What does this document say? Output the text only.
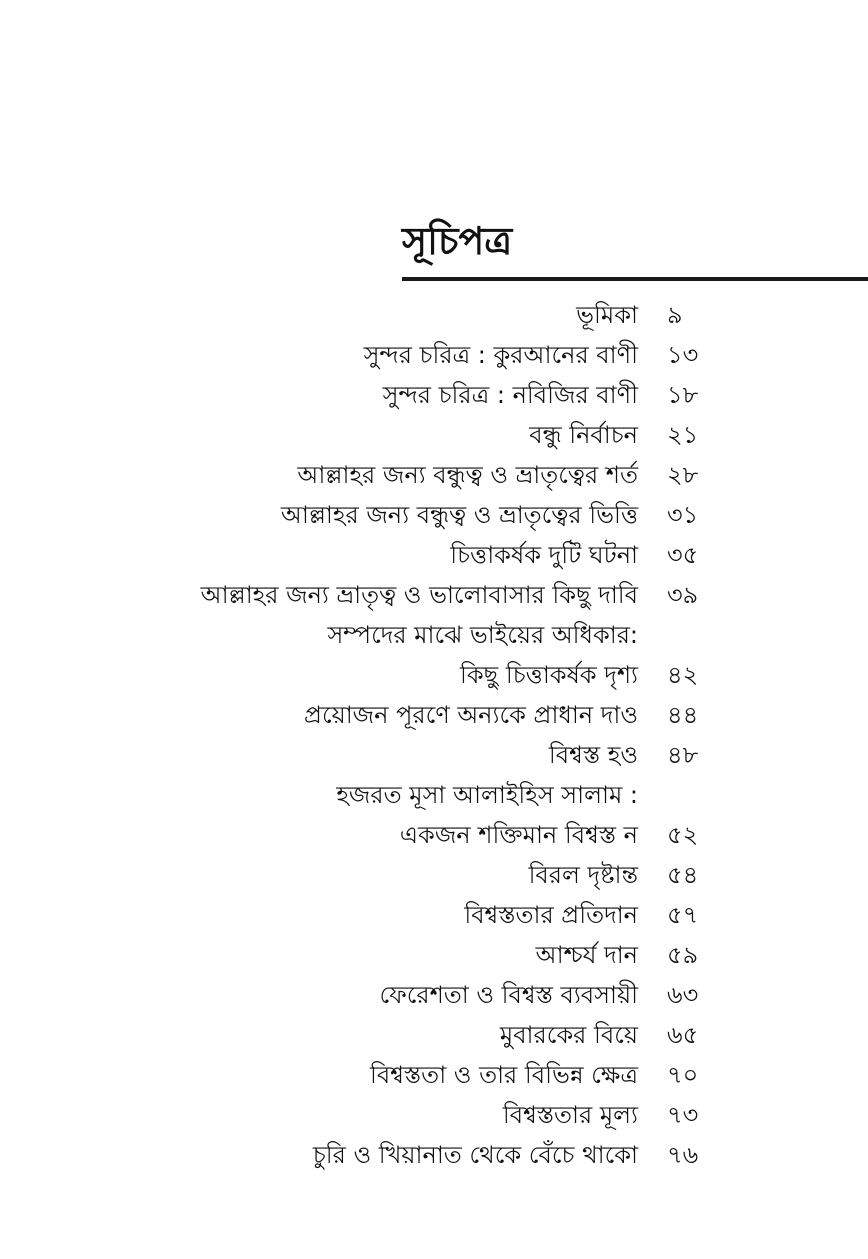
সূচিপত্র
ভূমিকা ৯
সুন্দর চরিত্র : কুরআনের বাণী ১৩
সুন্দর চরিত্র : নবিজির বাণী ১৮
বন্ধু নির্বাচন ২১
আল্লাহর জন্য বন্ধুত্ব ও ভ্রাতৃত্বের শর্ত ২৮
আল্লাহর জন্য বন্ধুত্ব ও ভ্রাতৃত্বের ভিত্তি ৩১
চিত্তাকর্ষক দুটি ঘটনা ৩৫
আল্লাহর জন্য ভ্রাতৃত্ব ও ভালোবাসার কিছু দাবি ৩৯
সম্পদের মাঝে ভাইয়ের অধিকার:
কিছু চিত্তাকর্ষক দৃশ্য ৪২
প্রয়োজন পূরণে অন্যকে প্রাধান দাও ৪৪
বিশ্বস্ত হও ৪৮
হজরত মূসা আলাইহিস সালাম :
একজন শক্তিমান বিশ্বস্ত ন ৫২
বিরল দৃষ্টান্ত ৫৪
বিশ্বস্ততার প্রতিদান ৫৭
আশ্চর্য দান ৫৯
ফেরেশতা ও বিশ্বস্ত ব্যবসায়ী ৬৩
মুবারকের বিয়ে ৬৫
বিশ্বস্ততা ও তার বিভিন্ন ক্ষেত্র ৭০
বিশ্বস্ততার মূল্য ৭৩
চুরি ও খিয়ানাত থেকে বেঁচে থাকো ৭৬
